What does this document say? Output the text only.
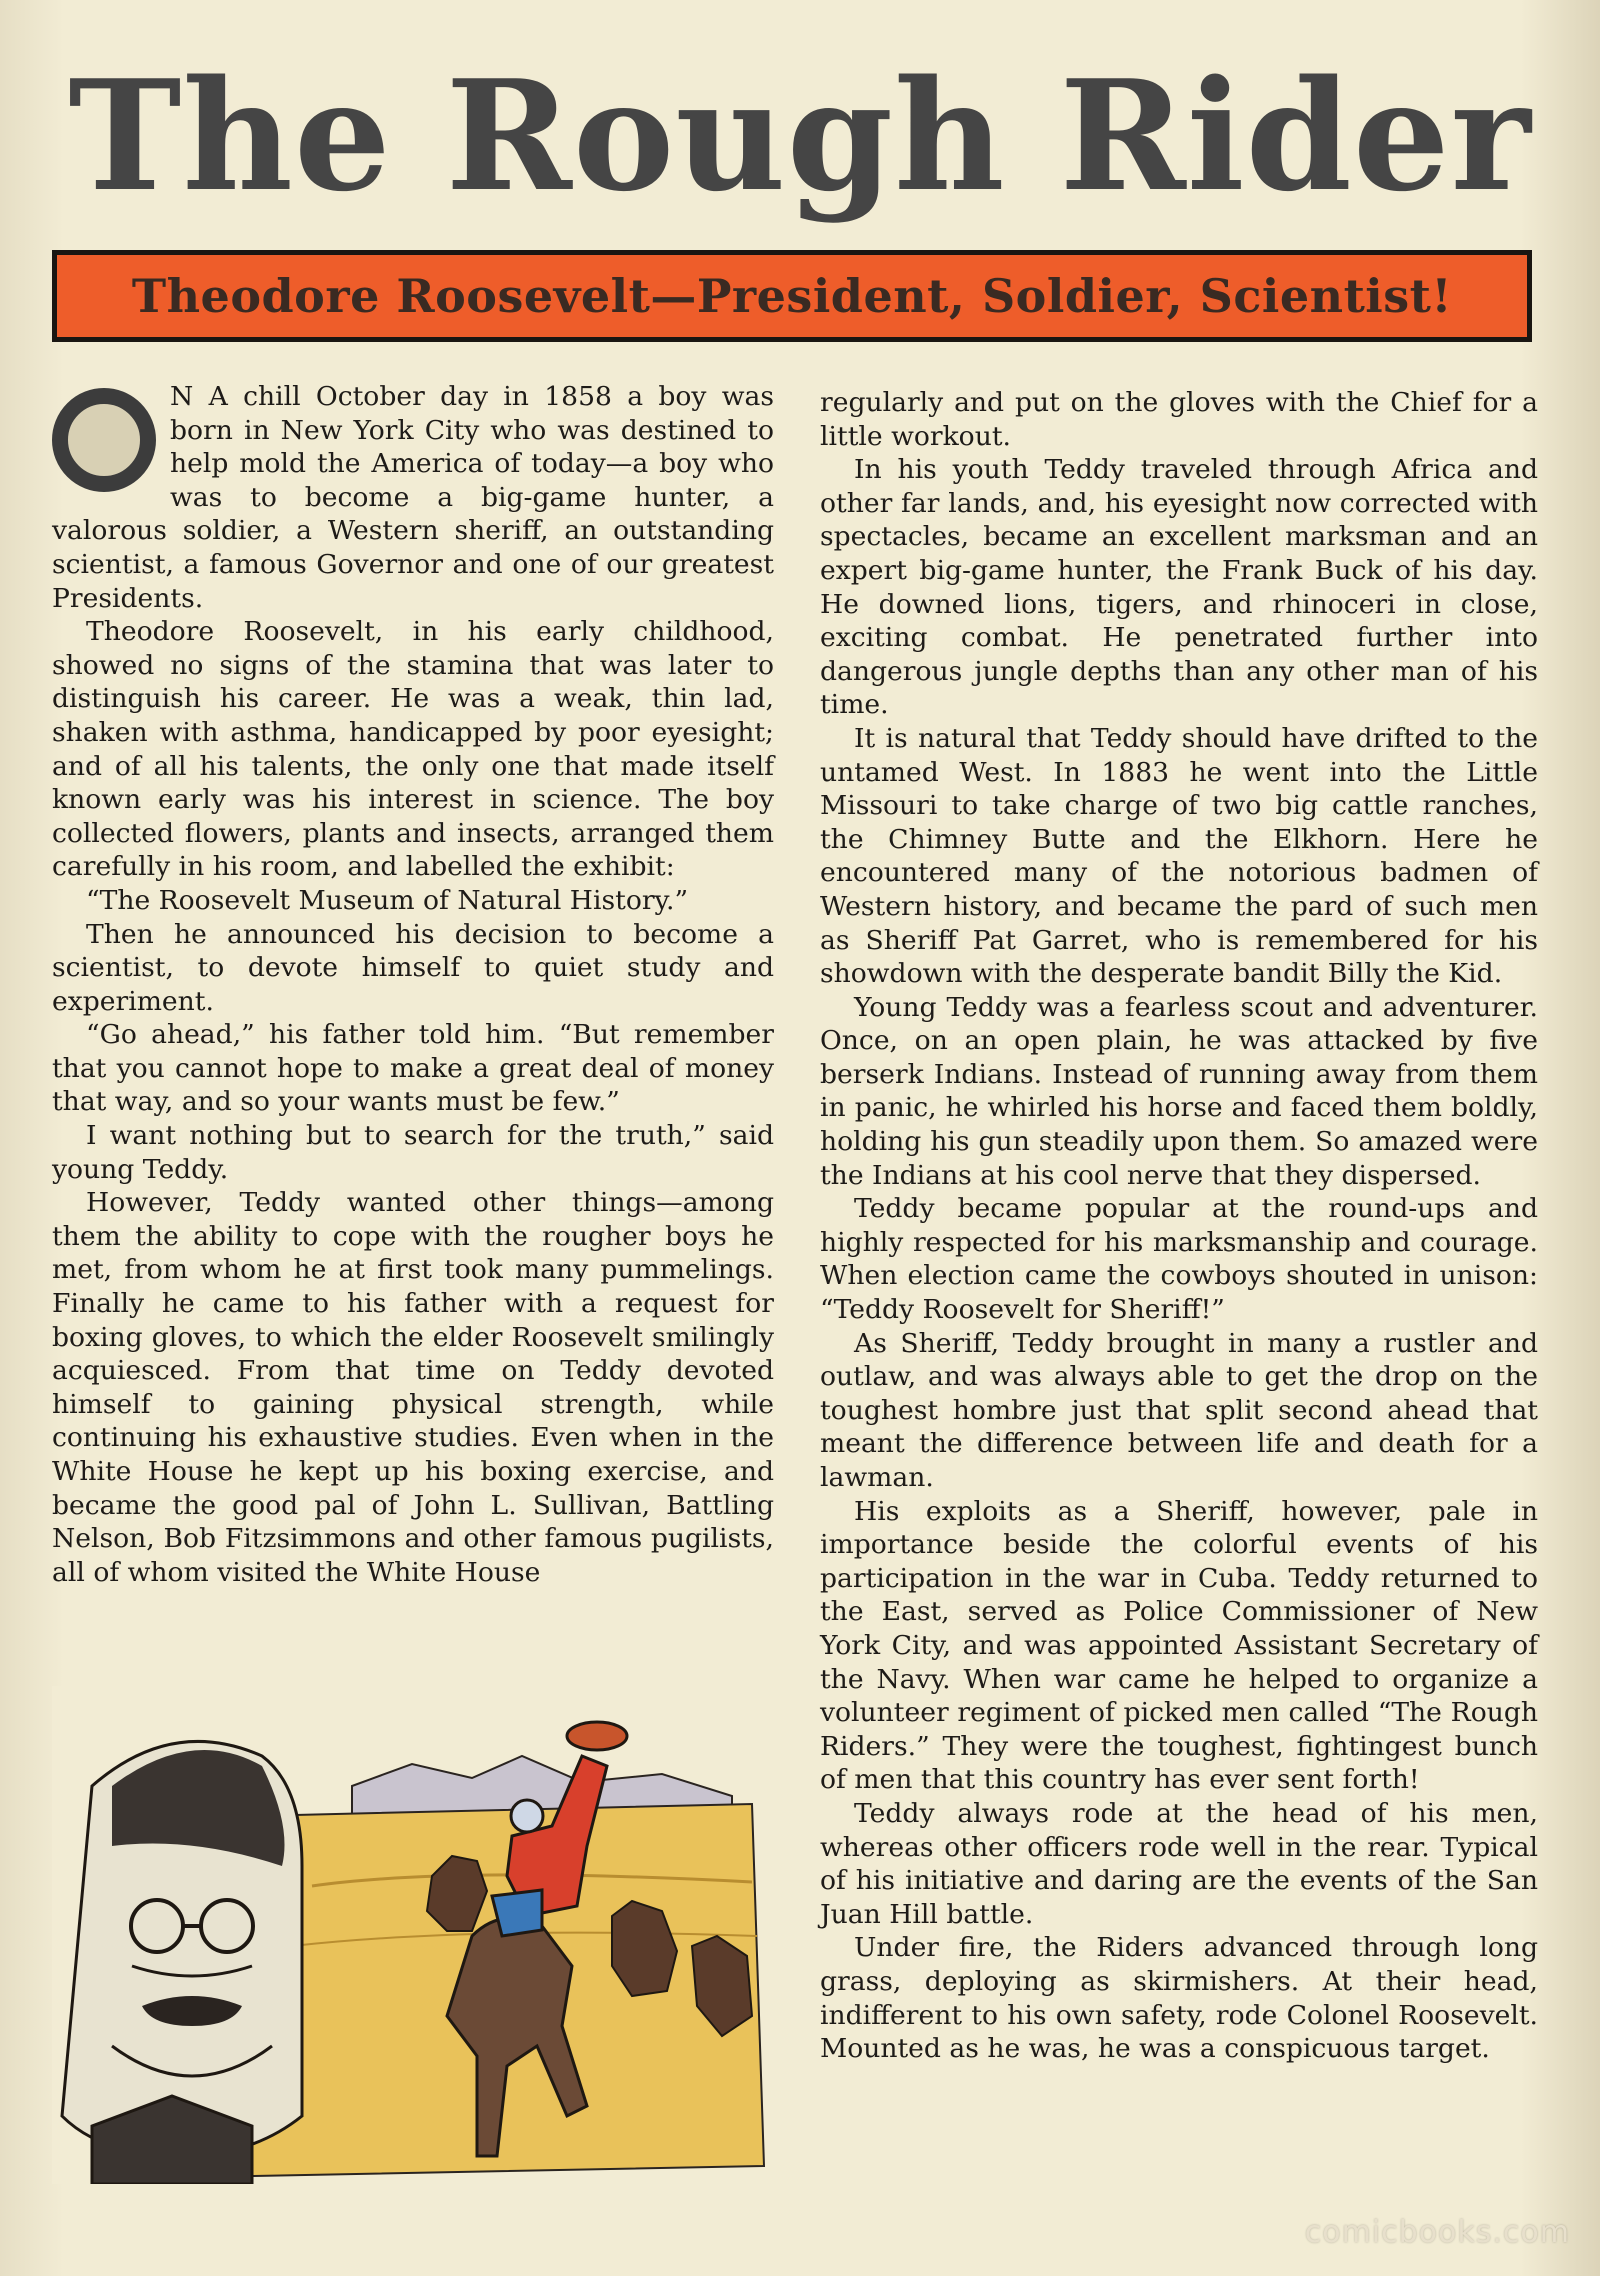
The Rough Rider
Theodore Roosevelt—President, Soldier, Scientist!

N A chill October day in 1858 a boy was born in New York City who was destined to help mold the America of today—a boy who was to become a big-game hunter, a valorous soldier, a Western sheriff, an outstanding scientist, a famous Governor and one of our greatest Presidents.

Theodore Roosevelt, in his early childhood, showed no signs of the stamina that was later to distinguish his career. He was a weak, thin lad, shaken with asthma, handicapped by poor eyesight; and of all his talents, the only one that made itself known early was his interest in science. The boy collected flowers, plants and insects, arranged them carefully in his room, and labelled the exhibit:

“The Roosevelt Museum of Natural History.”

Then he announced his decision to become a scientist, to devote himself to quiet study and experiment.

“Go ahead,” his father told him. “But remember that you cannot hope to make a great deal of money that way, and so your wants must be few.”

I want nothing but to search for the truth,” said young Teddy.

However, Teddy wanted other things—among them the ability to cope with the rougher boys he met, from whom he at first took many pummelings. Finally he came to his father with a request for boxing gloves, to which the elder Roosevelt smilingly acquiesced. From that time on Teddy devoted himself to gaining physical strength, while continuing his exhaustive studies. Even when in the White House he kept up his boxing exercise, and became the good pal of John L. Sullivan, Battling Nelson, Bob Fitzsimmons and other famous pugilists, all of whom visited the White House

regularly and put on the gloves with the Chief for a little workout.

In his youth Teddy traveled through Africa and other far lands, and, his eyesight now corrected with spectacles, became an excellent marksman and an expert big-game hunter, the Frank Buck of his day. He downed lions, tigers, and rhinoceri in close, exciting combat. He penetrated further into dangerous jungle depths than any other man of his time.

It is natural that Teddy should have drifted to the untamed West. In 1883 he went into the Little Missouri to take charge of two big cattle ranches, the Chimney Butte and the Elkhorn. Here he encountered many of the notorious badmen of Western history, and became the pard of such men as Sheriff Pat Garret, who is remembered for his showdown with the desperate bandit Billy the Kid.

Young Teddy was a fearless scout and adventurer. Once, on an open plain, he was attacked by five berserk Indians. Instead of running away from them in panic, he whirled his horse and faced them boldly, holding his gun steadily upon them. So amazed were the Indians at his cool nerve that they dispersed.

Teddy became popular at the round-ups and highly respected for his marksmanship and courage. When election came the cowboys shouted in unison: “Teddy Roosevelt for Sheriff!”

As Sheriff, Teddy brought in many a rustler and outlaw, and was always able to get the drop on the toughest hombre just that split second ahead that meant the difference between life and death for a lawman.

His exploits as a Sheriff, however, pale in importance beside the colorful events of his participation in the war in Cuba. Teddy returned to the East, served as Police Commissioner of New York City, and was appointed Assistant Secretary of the Navy. When war came he helped to organize a volunteer regiment of picked men called “The Rough Riders.” They were the toughest, fightingest bunch of men that this country has ever sent forth!

Teddy always rode at the head of his men, whereas other officers rode well in the rear. Typical of his initiative and daring are the events of the San Juan Hill battle.

Under fire, the Riders advanced through long grass, deploying as skirmishers. At their head, indifferent to his own safety, rode Colonel Roosevelt. Mounted as he was, he was a conspicuous target.

comicbooks.com
